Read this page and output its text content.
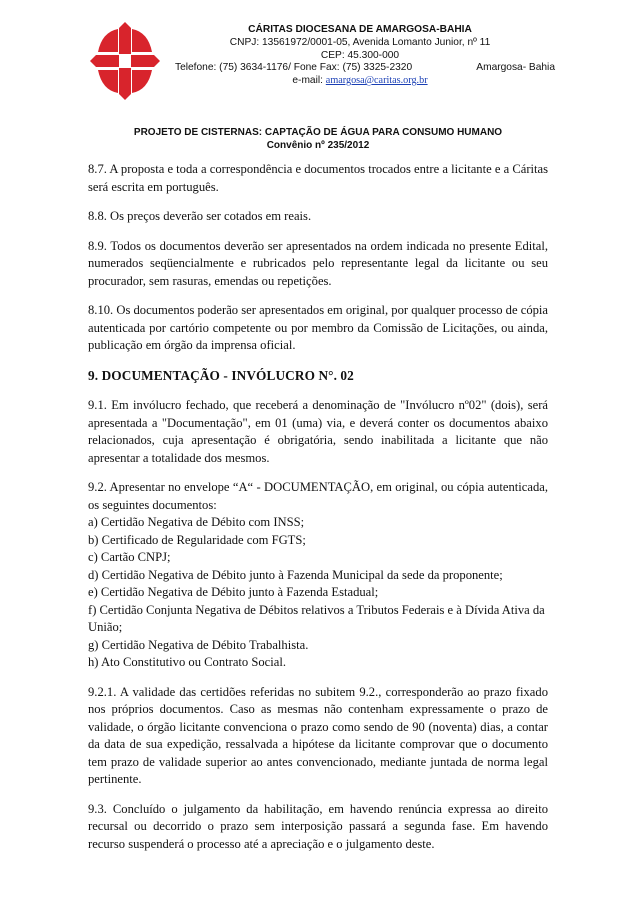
CÁRITAS DIOCESANA DE AMARGOSA-BAHIA
CNPJ: 13561972/0001-05, Avenida Lomanto Junior, nº 11
CEP: 45.300-000
Telefone: (75) 3634-1176/ Fone Fax: (75) 3325-2320	Amargosa- Bahia
e-mail: amargosa@caritas.org.br
PROJETO DE CISTERNAS: CAPTAÇÃO DE ÁGUA PARA CONSUMO HUMANO
Convênio nº 235/2012

8.7. A proposta e toda a correspondência e documentos trocados entre a licitante e a Cáritas será escrita em português.

8.8. Os preços deverão ser cotados em reais.

8.9. Todos os documentos deverão ser apresentados na ordem indicada no presente Edital, numerados seqüencialmente e rubricados pelo representante legal da licitante ou seu procurador, sem rasuras, emendas ou repetições.

8.10. Os documentos poderão ser apresentados em original, por qualquer processo de cópia autenticada por cartório competente ou por membro da Comissão de Licitações, ou ainda, publicação em órgão da imprensa oficial.

9. DOCUMENTAÇÃO - INVÓLUCRO N°. 02

9.1. Em invólucro fechado, que receberá a denominação de "Invólucro nº02" (dois), será apresentada a "Documentação", em 01 (uma) via, e deverá conter os documentos abaixo relacionados, cuja apresentação é obrigatória, sendo inabilitada a licitante que não apresentar a totalidade dos mesmos.

9.2. Apresentar no envelope “A“ - DOCUMENTAÇÃO, em original, ou cópia autenticada, os seguintes documentos:
a) Certidão Negativa de Débito com INSS;
b) Certificado de Regularidade com FGTS;
c) Cartão CNPJ;
d) Certidão Negativa de Débito junto à Fazenda Municipal da sede da proponente;
e) Certidão Negativa de Débito junto à Fazenda Estadual;
f) Certidão Conjunta Negativa de Débitos relativos a Tributos Federais e à Dívida Ativa da União;
g) Certidão Negativa de Débito Trabalhista.
h) Ato Constitutivo ou Contrato Social.

9.2.1. A validade das certidões referidas no subitem 9.2., corresponderão ao prazo fixado nos próprios documentos. Caso as mesmas não contenham expressamente o prazo de validade, o órgão licitante convenciona o prazo como sendo de 90 (noventa) dias, a contar da data de sua expedição, ressalvada a hipótese da licitante comprovar que o documento tem prazo de validade superior ao antes convencionado, mediante juntada de norma legal pertinente.

9.3. Concluído o julgamento da habilitação, em havendo renúncia expressa ao direito recursal ou decorrido o prazo sem interposição passará a segunda fase. Em havendo recurso suspenderá o processo até a apreciação e o julgamento deste.
